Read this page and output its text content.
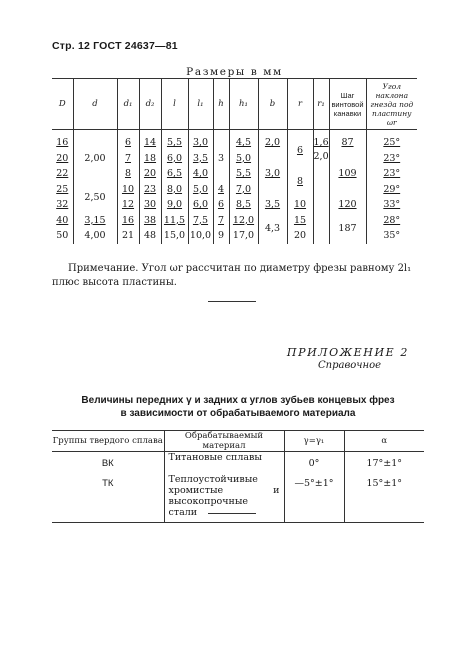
Стр. 12 ГОСТ 24637—81
Размеры в мм
D	d	d₁	d₂	l	l₁	h	h₁	b	r	r₁	Шаг винтовой канавки	Угол наклона гнезда под пластину ωr

16	2,00	6	14	5,5	3,0	3	4,5	2,0	6	1,6	87	25°
20		7	18	6,0	3,5		5,0	3,0		2,0	109	23°
22		8	20	6,5	4,0		5,5		8			23°
25	2,50	10	23	8,0	5,0	4	7,0					29°
32		12	30	9,0	6,0	6	8,5	3,5	10		120	33°
40	3,15	16	38	11,5	7,5	7	12,0	4,3	15		187	28°
50	4,00	21	48	15,0	10,0	9	17,0		20			35°
Примечание. Угол ωr рассчитан по диаметру фрезы равному 2l₁ плюс высота пластины.
ПРИЛОЖЕНИЕ 2
Справочное
Величины передних γ и задних α углов зубьев концевых фрез
в зависимости от обрабатываемого материала
Группы твердого сплава	Обрабатываемый материал	γ=γ₁	α
ВК	Титановые сплавы	0°	17°±1°
ТК	Теплоустойчивые хромистые и высокопрочные стали	—5°±1°	15°±1°
